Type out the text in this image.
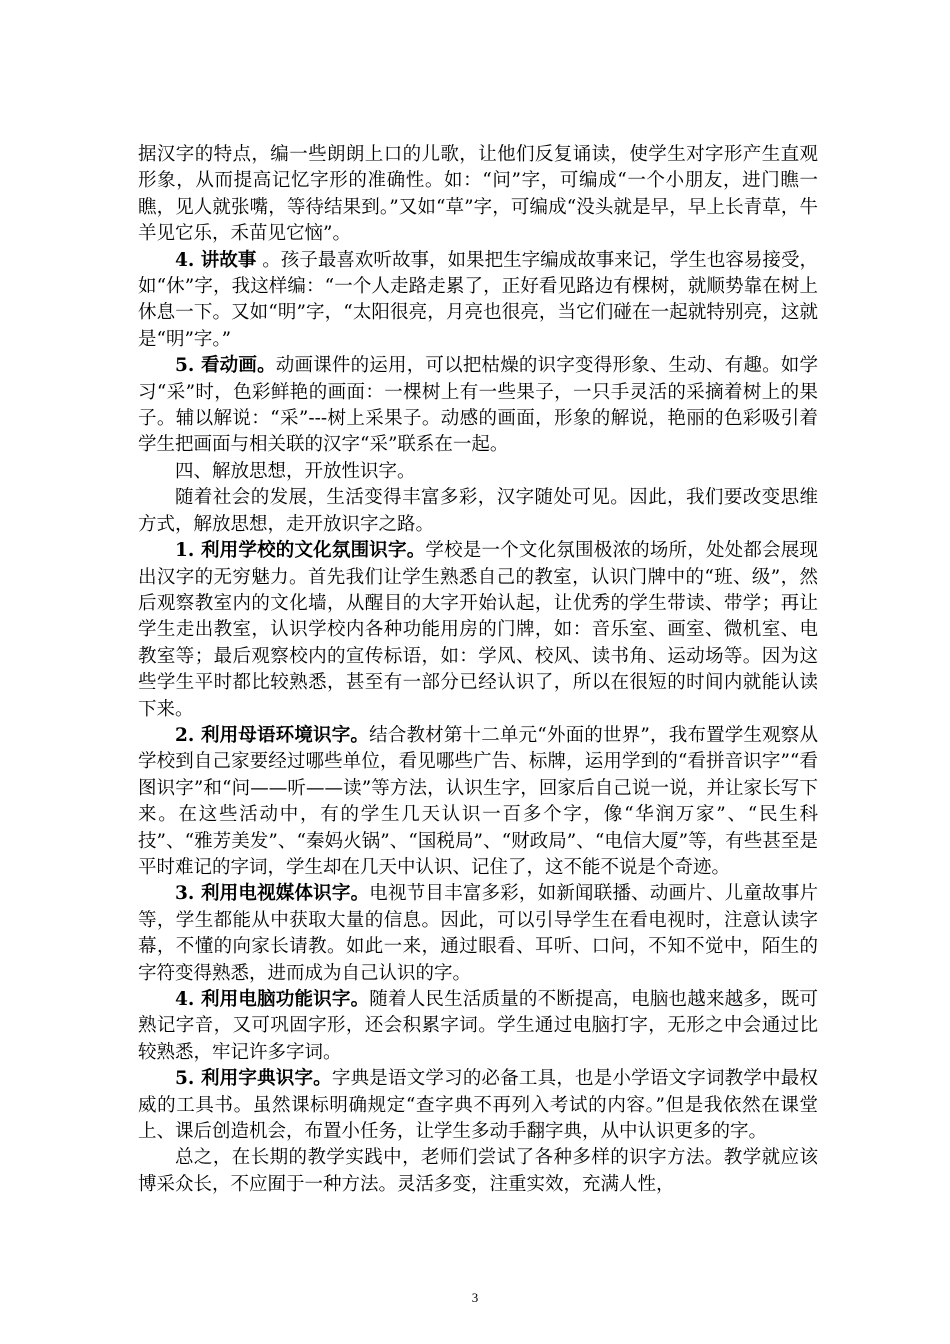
据汉字的特点，编一些朗朗上口的儿歌，让他们反复诵读，使学生对字形产生直观形象，从而提高记忆字形的准确性。如：“问”字，可编成“一个小朋友，进门瞧一瞧，见人就张嘴，等待结果到。”又如“草”字，可编成“没头就是早，早上长青草，牛羊见它乐，禾苗见它恼”。

4. 讲故事 。孩子最喜欢听故事，如果把生字编成故事来记，学生也容易接受，如“休”字，我这样编：“一个人走路走累了，正好看见路边有棵树，就顺势靠在树上休息一下。又如“明”字，“太阳很亮，月亮也很亮，当它们碰在一起就特别亮，这就是“明”字。”

5. 看动画。动画课件的运用，可以把枯燥的识字变得形象、生动、有趣。如学习“采”时，色彩鲜艳的画面：一棵树上有一些果子，一只手灵活的采摘着树上的果子。辅以解说：“采”---树上采果子。动感的画面，形象的解说，艳丽的色彩吸引着学生把画面与相关联的汉字“采”联系在一起。

四、解放思想，开放性识字。

随着社会的发展，生活变得丰富多彩，汉字随处可见。因此，我们要改变思维方式，解放思想，走开放识字之路。

1. 利用学校的文化氛围识字。学校是一个文化氛围极浓的场所，处处都会展现出汉字的无穷魅力。首先我们让学生熟悉自己的教室，认识门牌中的“班、级”，然后观察教室内的文化墙，从醒目的大字开始认起，让优秀的学生带读、带学；再让学生走出教室，认识学校内各种功能用房的门牌，如：音乐室、画室、微机室、电教室等；最后观察校内的宣传标语，如：学风、校风、读书角、运动场等。因为这些学生平时都比较熟悉，甚至有一部分已经认识了，所以在很短的时间内就能认读下来。

2. 利用母语环境识字。结合教材第十二单元“外面的世界”，我布置学生观察从学校到自己家要经过哪些单位，看见哪些广告、标牌，运用学到的“看拼音识字”“看图识字”和“问——听——读”等方法，认识生字，回家后自己说一说，并让家长写下来。在这些活动中，有的学生几天认识一百多个字，像“华润万家”、“民生科技”、“雅芳美发”、“秦妈火锅”、“国税局”、“财政局”、“电信大厦”等，有些甚至是平时难记的字词，学生却在几天中认识、记住了，这不能不说是个奇迹。

3. 利用电视媒体识字。电视节目丰富多彩，如新闻联播、动画片、儿童故事片等，学生都能从中获取大量的信息。因此，可以引导学生在看电视时，注意认读字幕，不懂的向家长请教。如此一来，通过眼看、耳听、口问，不知不觉中，陌生的字符变得熟悉，进而成为自己认识的字。

4. 利用电脑功能识字。随着人民生活质量的不断提高，电脑也越来越多，既可熟记字音，又可巩固字形，还会积累字词。学生通过电脑打字，无形之中会通过比较熟悉，牢记许多字词。

5. 利用字典识字。字典是语文学习的必备工具，也是小学语文字词教学中最权威的工具书。虽然课标明确规定“查字典不再列入考试的内容。”但是我依然在课堂上、课后创造机会，布置小任务，让学生多动手翻字典，从中认识更多的字。

总之，在长期的教学实践中，老师们尝试了各种多样的识字方法。教学就应该博采众长，不应囿于一种方法。灵活多变，注重实效，充满人性，

3
